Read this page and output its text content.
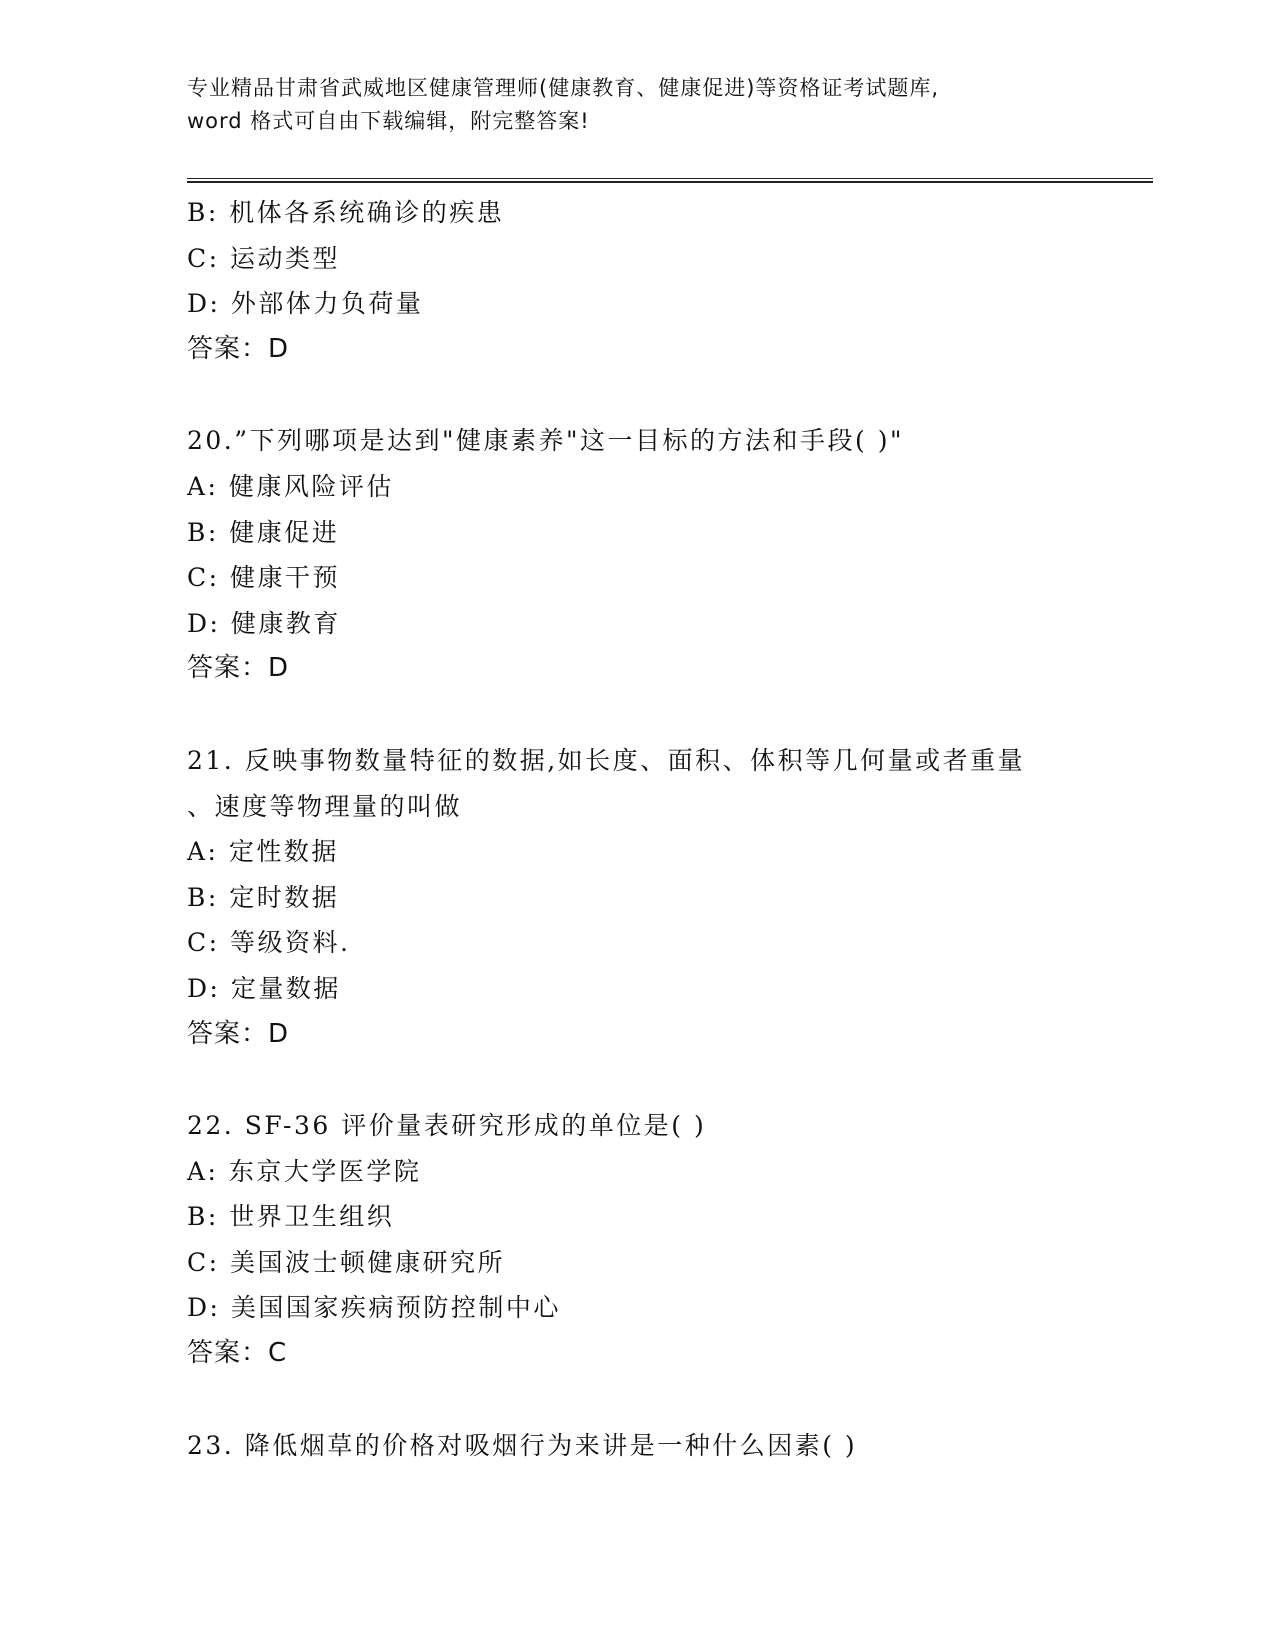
专业精品甘肃省武威地区健康管理师(健康教育、健康促进)等资格证考试题库,
word 格式可自由下载编辑，附完整答案!
B: 机体各系统确诊的疾患
C: 运动类型
D: 外部体力负荷量
答案：D
20.”下列哪项是达到"健康素养"这一目标的方法和手段( )"
A: 健康风险评估
B: 健康促进
C: 健康干预
D: 健康教育
答案：D
21. 反映事物数量特征的数据,如长度、面积、体积等几何量或者重量
、速度等物理量的叫做
A: 定性数据
B: 定时数据
C: 等级资料.
D: 定量数据
答案：D
22. SF-36 评价量表研究形成的单位是( )
A: 东京大学医学院
B: 世界卫生组织
C: 美国波士顿健康研究所
D: 美国国家疾病预防控制中心
答案：C
23. 降低烟草的价格对吸烟行为来讲是一种什么因素( )
